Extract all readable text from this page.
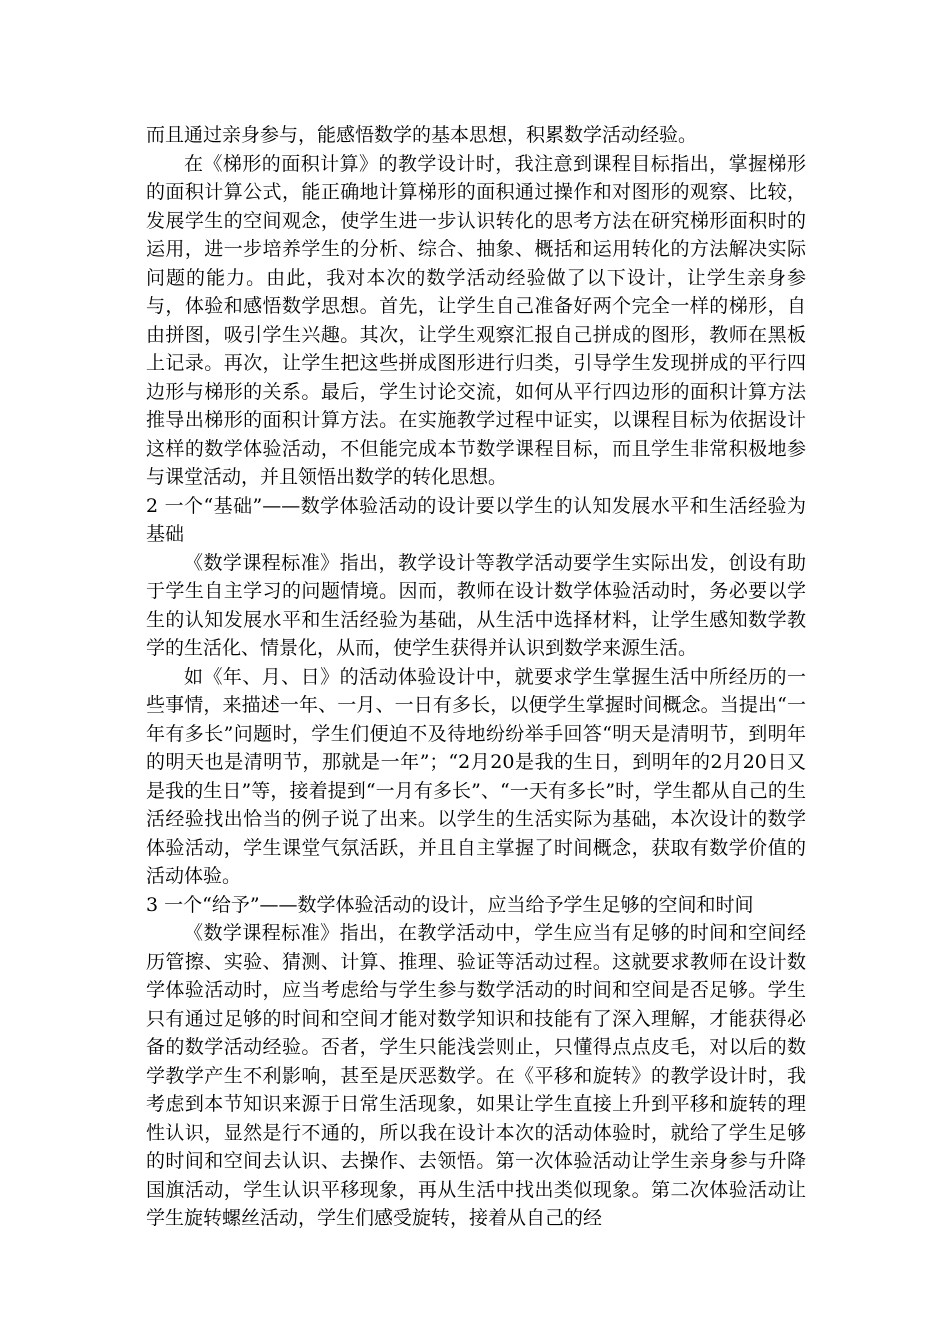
而且通过亲身参与，能感悟数学的基本思想，积累数学活动经验。

在《梯形的面积计算》的教学设计时，我注意到课程目标指出，掌握梯形的面积计算公式，能正确地计算梯形的面积通过操作和对图形的观察、比较，发展学生的空间观念，使学生进一步认识转化的思考方法在研究梯形面积时的运用，进一步培养学生的分析、综合、抽象、概括和运用转化的方法解决实际问题的能力。由此，我对本次的数学活动经验做了以下设计，让学生亲身参与，体验和感悟数学思想。首先，让学生自己准备好两个完全一样的梯形，自由拼图，吸引学生兴趣。其次，让学生观察汇报自己拼成的图形，教师在黑板上记录。再次，让学生把这些拼成图形进行归类，引导学生发现拼成的平行四边形与梯形的关系。最后，学生讨论交流，如何从平行四边形的面积计算方法推导出梯形的面积计算方法。在实施教学过程中证实，以课程目标为依据设计这样的数学体验活动，不但能完成本节数学课程目标，而且学生非常积极地参与课堂活动，并且领悟出数学的转化思想。

2 一个“基础”——数学体验活动的设计要以学生的认知发展水平和生活经验为基础

《数学课程标准》指出，教学设计等教学活动要学生实际出发，创设有助于学生自主学习的问题情境。因而，教师在设计数学体验活动时，务必要以学生的认知发展水平和生活经验为基础，从生活中选择材料，让学生感知数学教学的生活化、情景化，从而，使学生获得并认识到数学来源生活。

如《年、月、日》的活动体验设计中，就要求学生掌握生活中所经历的一些事情，来描述一年、一月、一日有多长，以便学生掌握时间概念。当提出“一年有多长”问题时，学生们便迫不及待地纷纷举手回答“明天是清明节，到明年的明天也是清明节，那就是一年”；“2月20是我的生日，到明年的2月20日又是我的生日”等，接着提到“一月有多长”、“一天有多长”时，学生都从自己的生活经验找出恰当的例子说了出来。以学生的生活实际为基础，本次设计的数学体验活动，学生课堂气氛活跃，并且自主掌握了时间概念，获取有数学价值的活动体验。

3 一个“给予”——数学体验活动的设计，应当给予学生足够的空间和时间

《数学课程标准》指出，在教学活动中，学生应当有足够的时间和空间经历管擦、实验、猜测、计算、推理、验证等活动过程。这就要求教师在设计数学体验活动时，应当考虑给与学生参与数学活动的时间和空间是否足够。学生只有通过足够的时间和空间才能对数学知识和技能有了深入理解，才能获得必备的数学活动经验。否者，学生只能浅尝则止，只懂得点点皮毛，对以后的数学教学产生不利影响，甚至是厌恶数学。在《平移和旋转》的教学设计时，我考虑到本节知识来源于日常生活现象，如果让学生直接上升到平移和旋转的理性认识，显然是行不通的，所以我在设计本次的活动体验时，就给了学生足够的时间和空间去认识、去操作、去领悟。第一次体验活动让学生亲身参与升降国旗活动，学生认识平移现象，再从生活中找出类似现象。第二次体验活动让学生旋转螺丝活动，学生们感受旋转，接着从自己的经
